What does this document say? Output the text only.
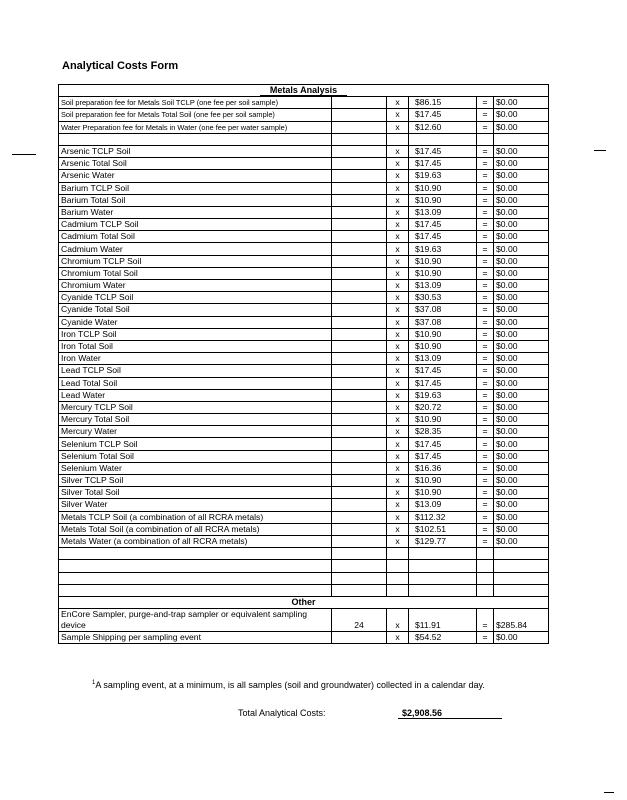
Analytical Costs Form
Metals Analysis					
Soil preparation fee for Metals Soil TCLP (one fee per soil sample)		x	$86.15	=	$0.00
Soil preparation fee for Metals Total Soil (one fee per soil sample)		x	$17.45	=	$0.00
Water Preparation fee for Metals in Water (one fee per water sample)		x	$12.60	=	$0.00

Arsenic TCLP Soil		x	$17.45	=	$0.00
Arsenic Total Soil		x	$17.45	=	$0.00
Arsenic Water		x	$19.63	=	$0.00
Barium TCLP Soil		x	$10.90	=	$0.00
Barium Total Soil		x	$10.90	=	$0.00
Barium Water		x	$13.09	=	$0.00
Cadmium TCLP Soil		x	$17.45	=	$0.00
Cadmium Total Soil		x	$17.45	=	$0.00
Cadmium Water		x	$19.63	=	$0.00
Chromium TCLP Soil		x	$10.90	=	$0.00
Chromium Total Soil		x	$10.90	=	$0.00
Chromium Water		x	$13.09	=	$0.00
Cyanide TCLP Soil		x	$30.53	=	$0.00
Cyanide Total Soil		x	$37.08	=	$0.00
Cyanide Water		x	$37.08	=	$0.00
Iron TCLP Soil		x	$10.90	=	$0.00
Iron Total Soil		x	$10.90	=	$0.00
Iron Water		x	$13.09	=	$0.00
Lead TCLP Soil		x	$17.45	=	$0.00
Lead Total Soil		x	$17.45	=	$0.00
Lead Water		x	$19.63	=	$0.00
Mercury TCLP Soil		x	$20.72	=	$0.00
Mercury Total Soil		x	$10.90	=	$0.00
Mercury Water		x	$28.35	=	$0.00
Selenium TCLP Soil		x	$17.45	=	$0.00
Selenium Total Soil		x	$17.45	=	$0.00
Selenium Water		x	$16.36	=	$0.00
Silver TCLP Soil		x	$10.90	=	$0.00
Silver Total Soil		x	$10.90	=	$0.00
Silver Water		x	$13.09	=	$0.00
Metals TCLP Soil (a combination of all RCRA metals)		x	$112.32	=	$0.00
Metals Total Soil (a combination of all RCRA metals)		x	$102.51	=	$0.00
Metals Water (a combination of all RCRA metals)		x	$129.77	=	$0.00

Other					
EnCore Sampler, purge-and-trap sampler or equivalent sampling device	24	x	$11.91	=	$285.84
Sample Shipping per sampling event		x	$54.52	=	$0.00
$^1$A sampling event, at a minimum, is all samples (soil and groundwater) collected in a calendar day.
Total Analytical Costs:	$2,908.56
